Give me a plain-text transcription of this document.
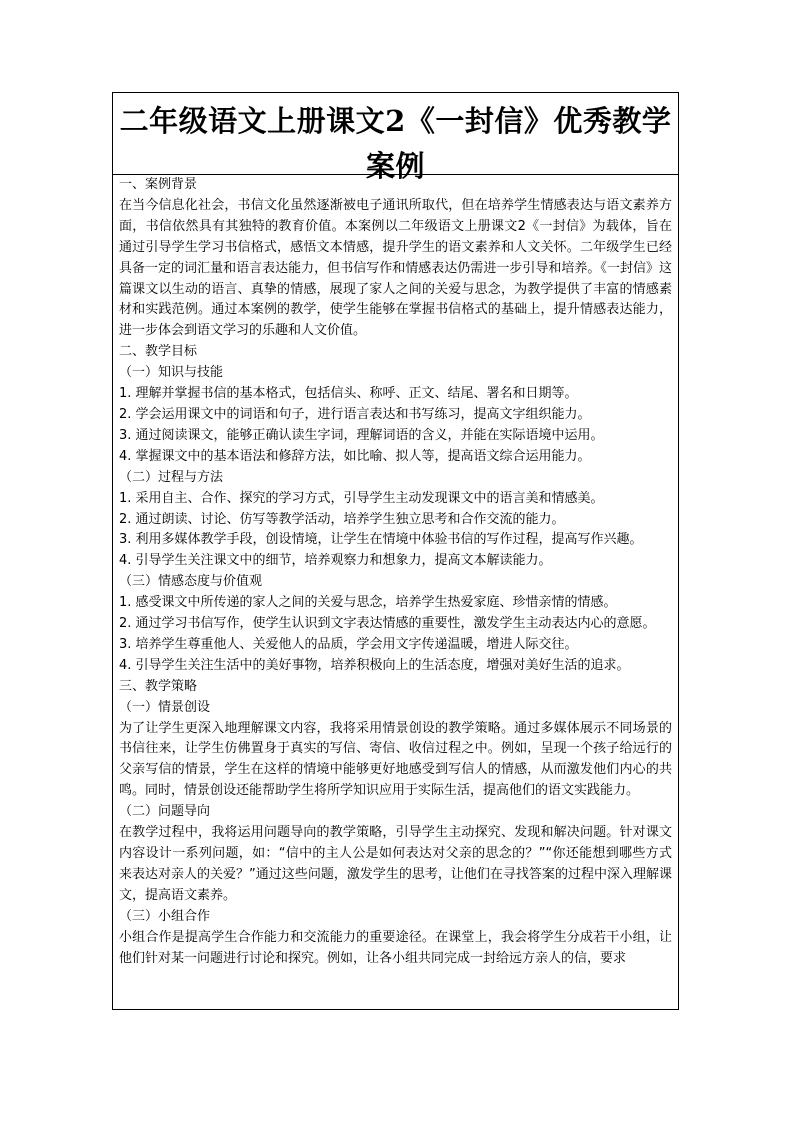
二年级语文上册课文2《一封信》优秀教学案例

一、案例背景

在当今信息化社会，书信文化虽然逐渐被电子通讯所取代，但在培养学生情感表达与语文素养方面，书信依然具有其独特的教育价值。本案例以二年级语文上册课文2《一封信》为载体，旨在通过引导学生学习书信格式，感悟文本情感，提升学生的语文素养和人文关怀。二年级学生已经具备一定的词汇量和语言表达能力，但书信写作和情感表达仍需进一步引导和培养。《一封信》这篇课文以生动的语言、真挚的情感，展现了家人之间的关爱与思念，为教学提供了丰富的情感素材和实践范例。通过本案例的教学，使学生能够在掌握书信格式的基础上，提升情感表达能力，进一步体会到语文学习的乐趣和人文价值。

二、教学目标

（一）知识与技能

1. 理解并掌握书信的基本格式，包括信头、称呼、正文、结尾、署名和日期等。

2. 学会运用课文中的词语和句子，进行语言表达和书写练习，提高文字组织能力。

3. 通过阅读课文，能够正确认读生字词，理解词语的含义，并能在实际语境中运用。

4. 掌握课文中的基本语法和修辞方法，如比喻、拟人等，提高语文综合运用能力。

（二）过程与方法

1. 采用自主、合作、探究的学习方式，引导学生主动发现课文中的语言美和情感美。

2. 通过朗读、讨论、仿写等教学活动，培养学生独立思考和合作交流的能力。

3. 利用多媒体教学手段，创设情境，让学生在情境中体验书信的写作过程，提高写作兴趣。

4. 引导学生关注课文中的细节，培养观察力和想象力，提高文本解读能力。

（三）情感态度与价值观

1. 感受课文中所传递的家人之间的关爱与思念，培养学生热爱家庭、珍惜亲情的情感。

2. 通过学习书信写作，使学生认识到文字表达情感的重要性，激发学生主动表达内心的意愿。

3. 培养学生尊重他人、关爱他人的品质，学会用文字传递温暖，增进人际交往。

4. 引导学生关注生活中的美好事物，培养积极向上的生活态度，增强对美好生活的追求。

三、教学策略

（一）情景创设

为了让学生更深入地理解课文内容，我将采用情景创设的教学策略。通过多媒体展示不同场景的书信往来，让学生仿佛置身于真实的写信、寄信、收信过程之中。例如，呈现一个孩子给远行的父亲写信的情景，学生在这样的情境中能够更好地感受到写信人的情感，从而激发他们内心的共鸣。同时，情景创设还能帮助学生将所学知识应用于实际生活，提高他们的语文实践能力。

（二）问题导向

在教学过程中，我将运用问题导向的教学策略，引导学生主动探究、发现和解决问题。针对课文内容设计一系列问题，如：“信中的主人公是如何表达对父亲的思念的？”“你还能想到哪些方式来表达对亲人的关爱？”通过这些问题，激发学生的思考，让他们在寻找答案的过程中深入理解课文，提高语文素养。

（三）小组合作

小组合作是提高学生合作能力和交流能力的重要途径。在课堂上，我会将学生分成若干小组，让他们针对某一问题进行讨论和探究。例如，让各小组共同完成一封给远方亲人的信，要求
